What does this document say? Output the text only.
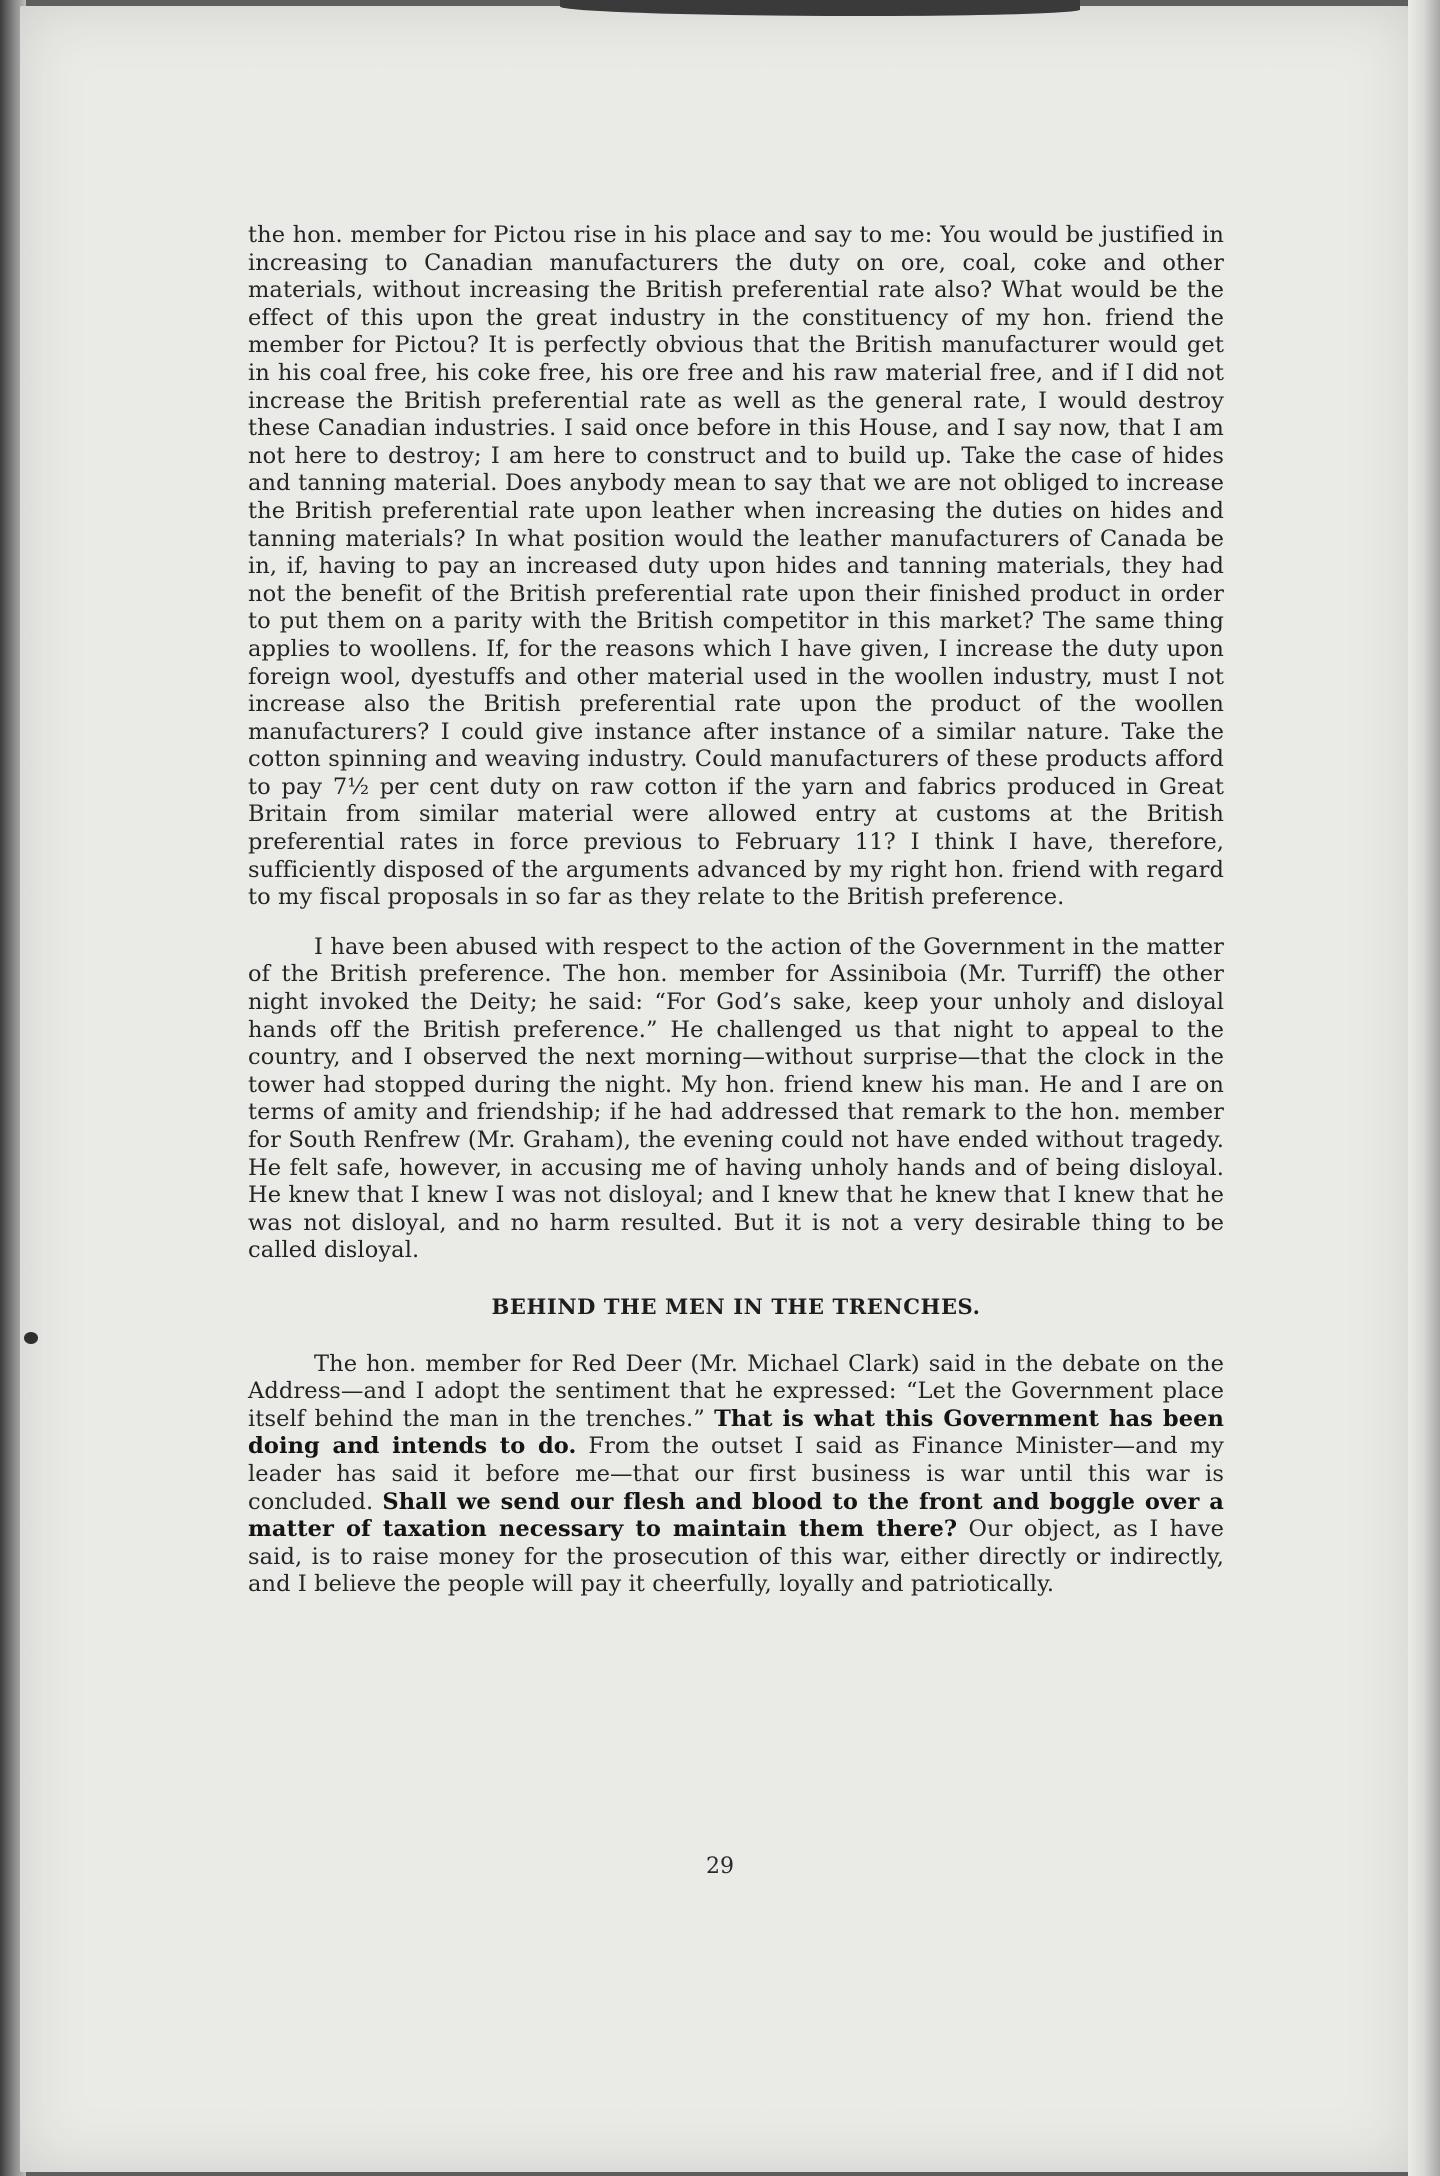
the hon. member for Pictou rise in his place and say to me: You would be justified in increasing to Canadian manufacturers the duty on ore, coal, coke and other materials, without increasing the British preferential rate also? What would be the effect of this upon the great industry in the constituency of my hon. friend the member for Pictou? It is perfectly obvious that the British manufacturer would get in his coal free, his coke free, his ore free and his raw material free, and if I did not increase the British preferential rate as well as the general rate, I would destroy these Canadian industries. I said once before in this House, and I say now, that I am not here to destroy; I am here to construct and to build up. Take the case of hides and tanning material. Does anybody mean to say that we are not obliged to increase the British preferential rate upon leather when increasing the duties on hides and tanning materials? In what position would the leather manufacturers of Canada be in, if, having to pay an increased duty upon hides and tanning materials, they had not the benefit of the British preferential rate upon their finished product in order to put them on a parity with the British competitor in this market? The same thing applies to woollens. If, for the reasons which I have given, I increase the duty upon foreign wool, dyestuffs and other material used in the woollen industry, must I not increase also the British preferential rate upon the product of the woollen manufacturers? I could give instance after instance of a similar nature. Take the cotton spinning and weaving industry. Could manufacturers of these products afford to pay 7½ per cent duty on raw cotton if the yarn and fabrics produced in Great Britain from similar material were allowed entry at customs at the British preferential rates in force previous to February 11? I think I have, therefore, sufficiently disposed of the arguments advanced by my right hon. friend with regard to my fiscal proposals in so far as they relate to the British preference.

I have been abused with respect to the action of the Government in the matter of the British preference. The hon. member for Assiniboia (Mr. Turriff) the other night invoked the Deity; he said: “For God’s sake, keep your unholy and disloyal hands off the British preference.” He challenged us that night to appeal to the country, and I observed the next morning—without surprise—that the clock in the tower had stopped during the night. My hon. friend knew his man. He and I are on terms of amity and friendship; if he had addressed that remark to the hon. member for South Renfrew (Mr. Graham), the evening could not have ended without tragedy. He felt safe, however, in accusing me of having unholy hands and of being disloyal. He knew that I knew I was not disloyal; and I knew that he knew that I knew that he was not disloyal, and no harm resulted. But it is not a very desirable thing to be called disloyal.

BEHIND THE MEN IN THE TRENCHES.

The hon. member for Red Deer (Mr. Michael Clark) said in the debate on the Address—and I adopt the sentiment that he expressed: “Let the Government place itself behind the man in the trenches.” That is what this Government has been doing and intends to do. From the outset I said as Finance Minister—and my leader has said it before me—that our first business is war until this war is concluded. Shall we send our flesh and blood to the front and boggle over a matter of taxation necessary to maintain them there? Our object, as I have said, is to raise money for the prosecution of this war, either directly or indirectly, and I believe the people will pay it cheerfully, loyally and patriotically.

29
